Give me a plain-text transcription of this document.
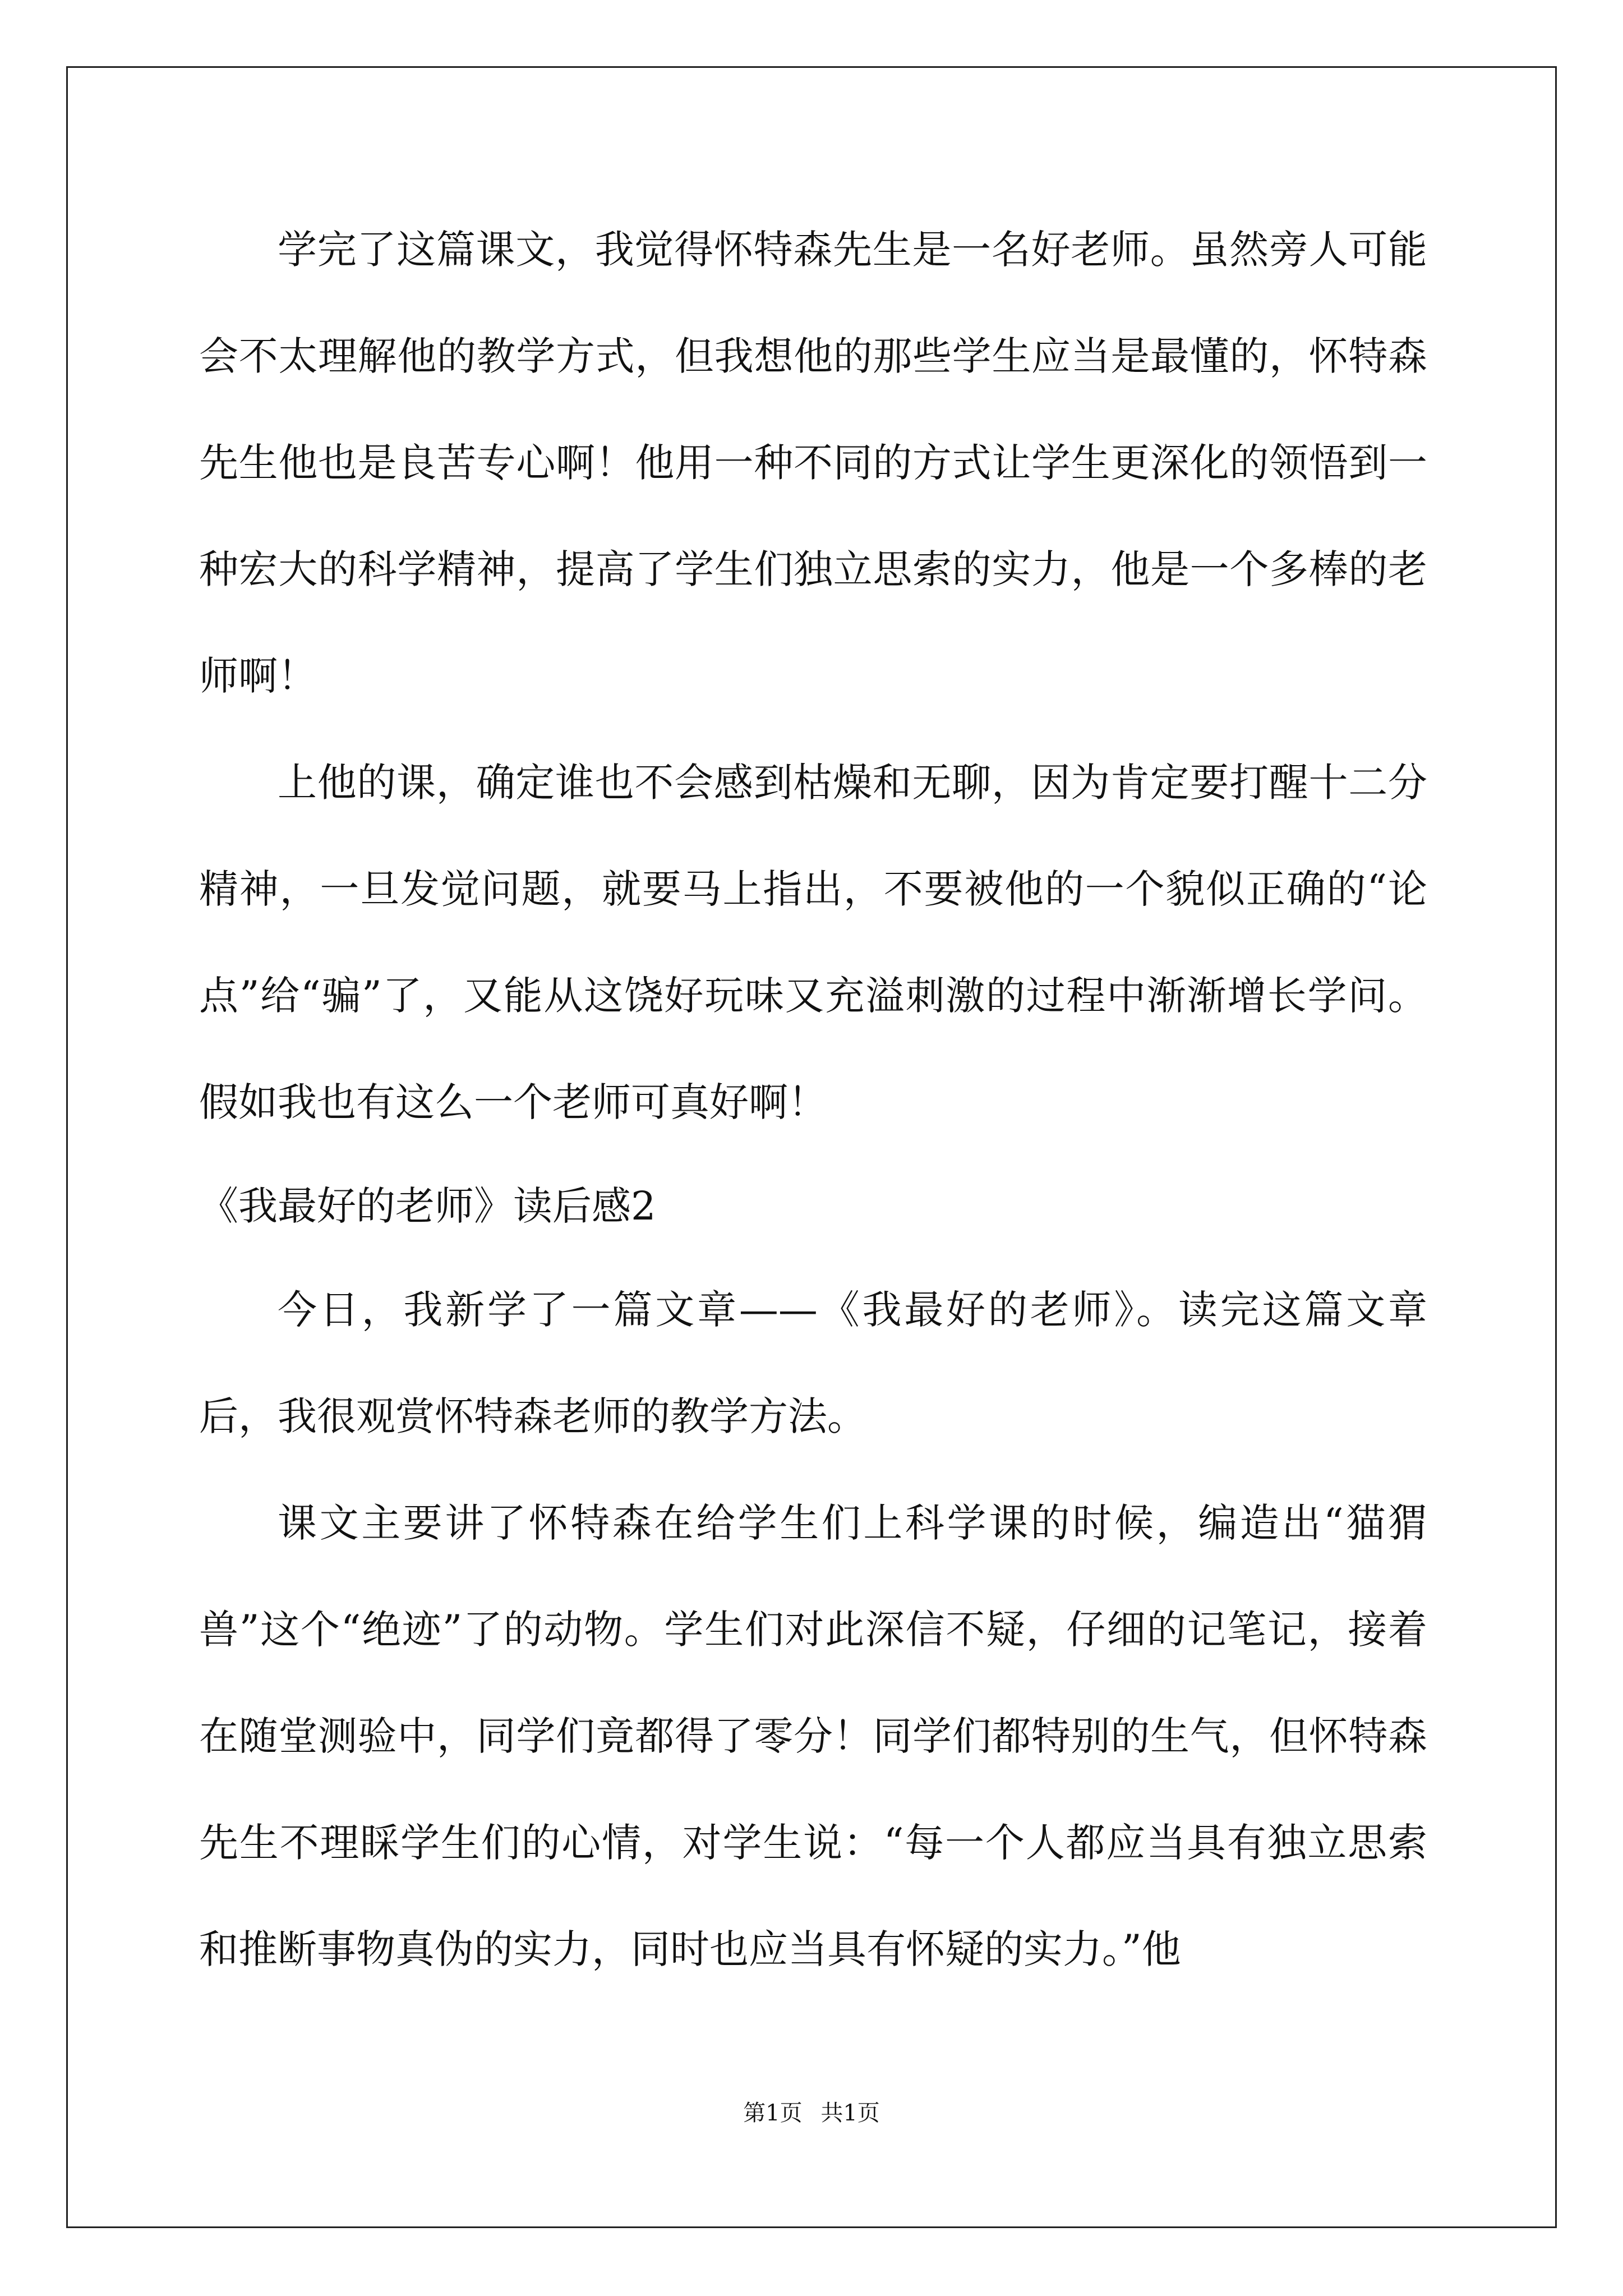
学完了这篇课文，我觉得怀特森先生是一名好老师。虽然旁人可能会不太理解他的教学方式，但我想他的那些学生应当是最懂的，怀特森先生他也是良苦专心啊！他用一种不同的方式让学生更深化的领悟到一种宏大的科学精神，提高了学生们独立思索的实力，他是一个多棒的老师啊！

上他的课，确定谁也不会感到枯燥和无聊，因为肯定要打醒十二分精神，一旦发觉问题，就要马上指出，不要被他的一个貌似正确的“论点”给“骗”了，又能从这饶好玩味又充溢刺激的过程中渐渐增长学问。假如我也有这么一个老师可真好啊！

《我最好的老师》读后感2

今日，我新学了一篇文章——《我最好的老师》。读完这篇文章后，我很观赏怀特森老师的教学方法。

课文主要讲了怀特森在给学生们上科学课的时候，编造出“猫猬兽”这个“绝迹”了的动物。学生们对此深信不疑，仔细的记笔记，接着在随堂测验中，同学们竟都得了零分！同学们都特别的生气，但怀特森先生不理睬学生们的心情，对学生说：“每一个人都应当具有独立思索和推断事物真伪的实力，同时也应当具有怀疑的实力。”他

第1页 共1页
